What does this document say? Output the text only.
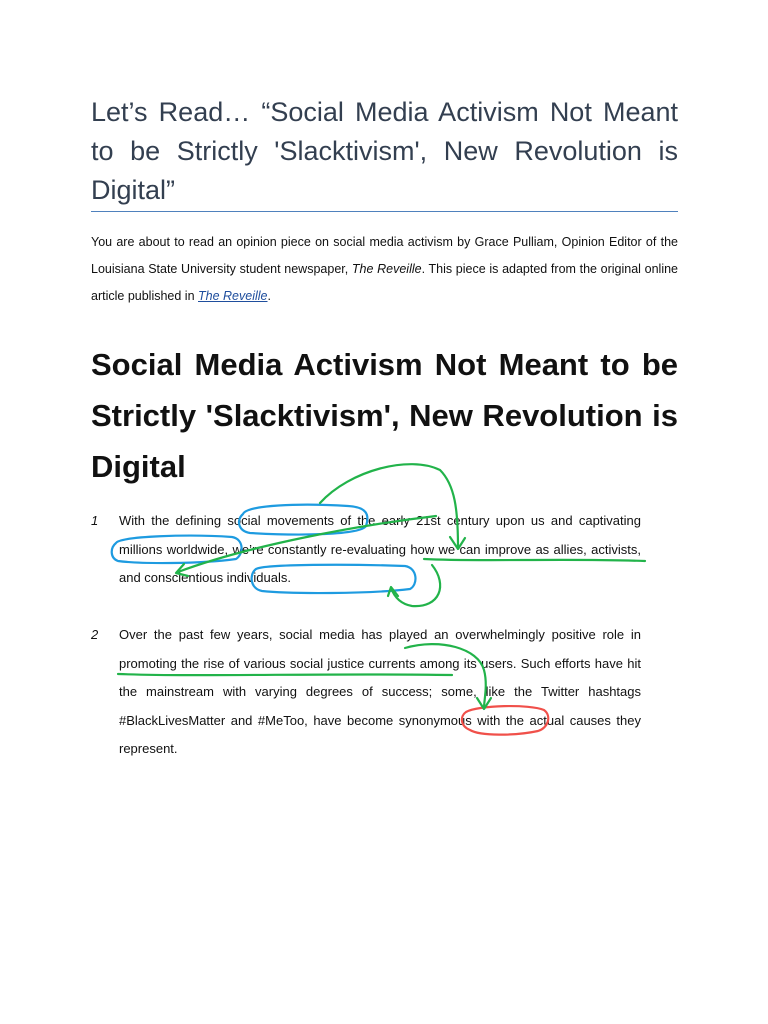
Let’s Read… “Social Media Activism Not Meant to be Strictly 'Slacktivism', New Revolution is Digital”

You are about to read an opinion piece on social media activism by Grace Pulliam, Opinion Editor of the Louisiana State University student newspaper, The Reveille. This piece is adapted from the original online article published in The Reveille.

Social Media Activism Not Meant to be Strictly 'Slacktivism', New Revolution is Digital
1 With the defining social movements of the early 21st century upon us and captivating millions worldwide, we’re constantly re-evaluating how we can improve as allies, activists, and conscientious individuals.

2 Over the past few years, social media has played an overwhelmingly positive role in promoting the rise of various social justice currents among its users. Such efforts have hit the mainstream with varying degrees of success; some, like the Twitter hashtags #BlackLivesMatter and #MeToo, have become synonymous with the actual causes they represent.
